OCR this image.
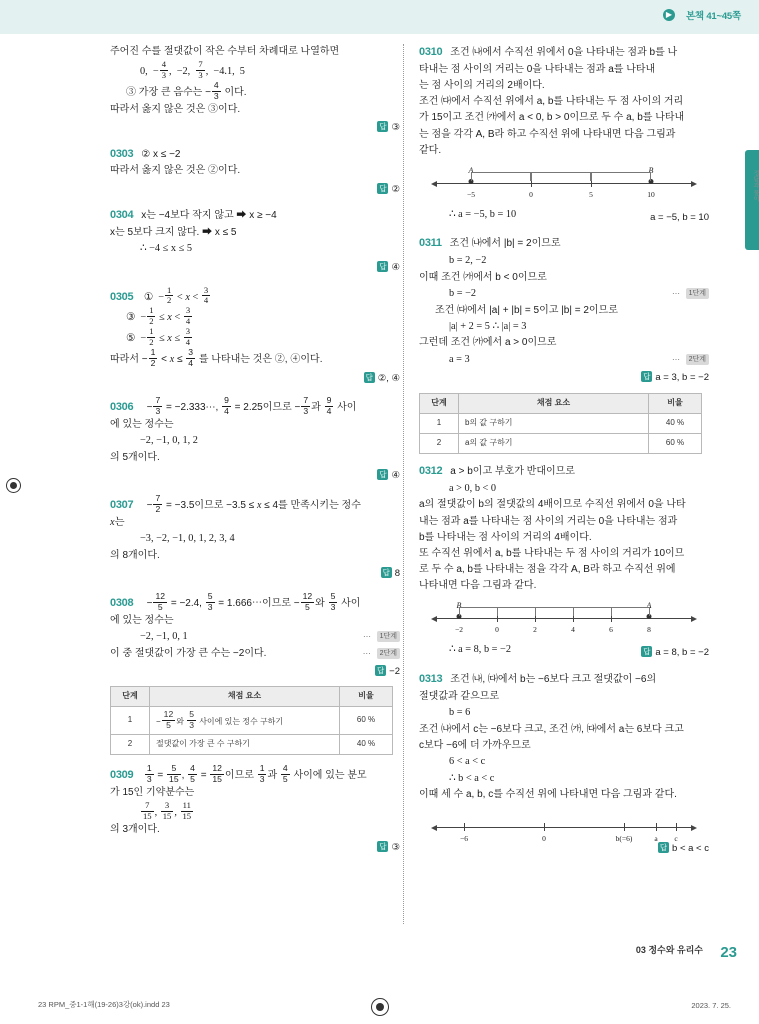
▶	본책 41~45쪽
정답과 풀이
주어진 수를 절댓값이 작은 수부터 차례대로 나열하면
0,  − $\frac{4}{3}$ ,  −2, $\frac{7}{3}$ ,  −4.1,  5
③ 가장 큰 음수는 − $\frac{4}{3}$ 이다.
따라서 옳지 않은 것은 ③이다.
답 ③
0303 ② x ≤ −2
따라서 옳지 않은 것은 ②이다.
답 ②
0304 x는 −4보다 작지 않고 ➡ x ≥ −4
x는 5보다 크지 않다. ➡ x ≤ 5
∴ −4 ≤ x ≤ 5
답 ④
0305 ①  − $\frac{1}{2} < x < \frac{3}{4}$
③  − $\frac{1}{2} \le x < \frac{3}{4}$
⑤  − $\frac{1}{2} \le x \le \frac{3}{4}$
따라서 − $\frac{1}{2} < x \le \frac{3}{4}$ 를 나타내는 것은 ②, ④이다.
답 ②, ④
$0306 - \frac{7}{3}$ = −2.333⋯, $\frac{9}{4} = 2.25$이므로 − $\frac{7}{3}$ 과 $\frac{9}{4}$ 사이
에 있는 정수는
−2, −1, 0, 1, 2
의 5개이다.
답 ④
$0307 - \frac{7}{2} = -3.5$이므로 −3.5 ≤ x ≤ 4를 만족시키는 정수
x는
−3, −2, −1, 0, 1, 2, 3, 4
의 8개이다.
답 8
$0308 - \frac{12}{5} = -2.4$, $\frac{5}{3}$ = 1.666⋯이므로 − $\frac{12}{5}$ 와 $\frac{5}{3}$ 사이
에 있는 정수는
−2, −1, 0, 1	⋯ 1단계
이 중 절댓값이 가장 큰 수는 −2이다.	⋯ 2단계
답 −2
단계	채점 요소	비율
1	− $\frac{12}{5}$ 와 $\frac{5}{3}$ 사이에 있는 정수 구하기	60 %
2	절댓값이 가장 큰 수 구하기	40 %
$0309 \frac{1}{3} = \frac{5}{15}$ , $\frac{4}{5} = \frac{12}{15}$ 이므로 $\frac{1}{3}$ 과 $\frac{4}{5}$ 사이에 있는 분모
가 15인 기약분수는
$\frac{7}{15}$ , $\frac{3}{15}$ , $\frac{11}{15}$
의 3개이다.
답 ③
0310 조건 ㈏에서 수직선 위에서 0을 나타내는 점과 b를 나
타내는 점 사이의 거리는 0을 나타내는 점과 a를 나타내
는 점 사이의 거리의 2배이다.
조건 ㈐에서 수직선 위에서 a, b를 나타내는 두 점 사이의 거리
가 15이고 조건 ㈎에서 a < 0, b > 0이므로 두 수 a, b를 나타내
는 점을 각각 A, B라 하고 수직선 위에 나타내면 다음 그림과
같다.
A
−5	0	5
B
10
∴ a = −5, b = 10	a = −5, b = 10
0311 조건 ㈏에서 |b| = 2이므로
b = 2, −2
이때 조건 ㈎에서 b < 0이므로
b = −2	⋯ 1단계
조건 ㈐에서 |a| + |b| = 5이고 |b| = 2이므로
|a| + 2 = 5 ∴ |a| = 3
그런데 조건 ㈎에서 a > 0이므로
a = 3	⋯ 2단계
답 a = 3, b = −2
단계	채점 요소	비율
1	b의 값 구하기	40 %
2	a의 값 구하기	60 %
0312 a > b이고 부호가 반대이므로
a > 0, b < 0
a의 절댓값이 b의 절댓값의 4배이므로 수직선 위에서 0을 나타
내는 점과 a를 나타내는 점 사이의 거리는 0을 나타내는 점과
b를 나타내는 점 사이의 거리의 4배이다.
또 수직선 위에서 a, b를 나타내는 두 점 사이의 거리가 10이므
로 두 수 a, b를 나타내는 점을 각각 A, B라 하고 수직선 위에
나타내면 다음 그림과 같다.
B
−2	0	2	4	6
A
8
∴ a = 8, b = −2	답 a = 8, b = −2
0313 조건 ㈏, ㈐에서 b는 −6보다 크고 절댓값이 −6의
절댓값과 같으므로
b = 6
조건 ㈏에서 c는 −6보다 크고, 조건 ㈎, ㈐에서 a는 6보다 크고
c보다 −6에 더 가까우므로
6 < a < c
∴ b < a < c
이때 세 수 a, b, c를 수직선 위에 나타내면 다음 그림과 같다.
−6	0	b(=6)	a c
답 b < a < c
03 정수와 유리수 23
23 RPM_중1-1해(19-26)3강(ok).indd 23	2023. 7. 25.
